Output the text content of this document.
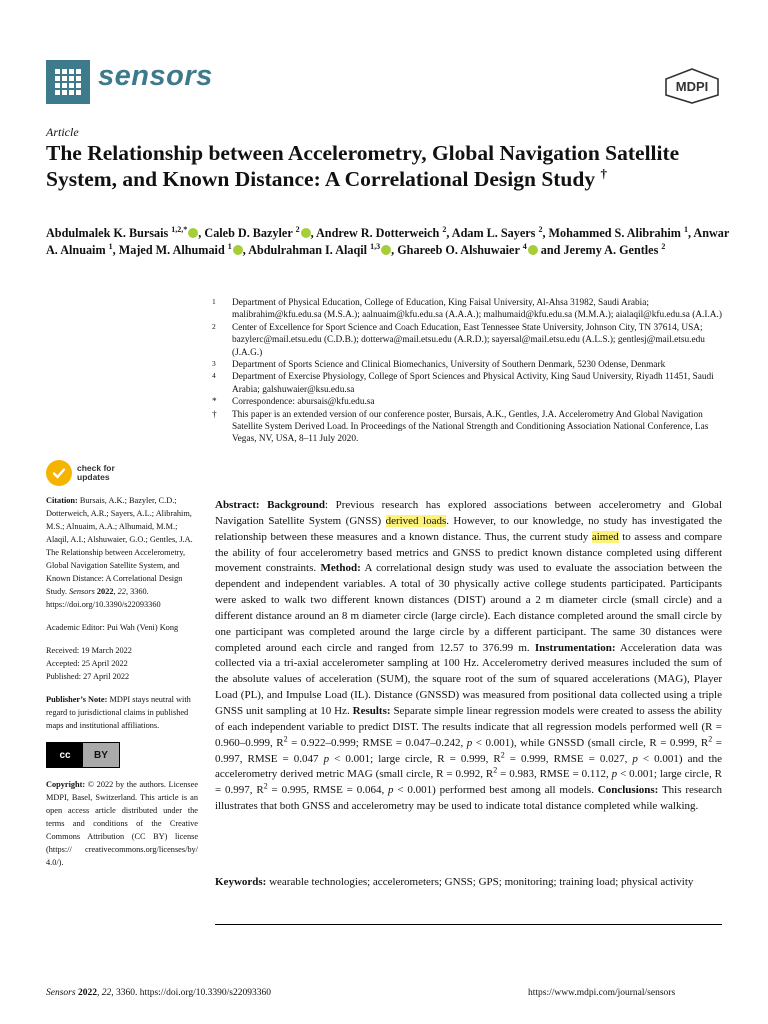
sensors	MDPI
Article
The Relationship between Accelerometry, Global Navigation Satellite System, and Known Distance: A Correlational Design Study †
Abdulmalek K. Bursais $^{1,2,*}$ , Caleb D. Bazyler $^2$ , Andrew R. Dotterweich $^2$, Adam L. Sayers $^2$, Mohammed S. Alibrahim $^1$, Anwar A. Alnuaim $^1$, Majed M. Alhumaid $^1$ , Abdulrahman I. Alaqil $^{1,3}$ , Ghareeb O. Alshuwaier $^4$ and Jeremy A. Gentles $^2$
1 Department of Physical Education, College of Education, King Faisal University, Al-Ahsa 31982, Saudi Arabia; malibrahim@kfu.edu.sa (M.S.A.); aalnuaim@kfu.edu.sa (A.A.A.); malhumaid@kfu.edu.sa (M.M.A.); aialaqil@kfu.edu.sa (A.I.A.)
2 Center of Excellence for Sport Science and Coach Education, East Tennessee State University, Johnson City, TN 37614, USA; bazylerc@mail.etsu.edu (C.D.B.); dotterwa@mail.etsu.edu (A.R.D.); sayersal@mail.etsu.edu (A.L.S.); gentlesj@mail.etsu.edu (J.A.G.)
3 Department of Sports Science and Clinical Biomechanics, University of Southern Denmark, 5230 Odense, Denmark
4 Department of Exercise Physiology, College of Sport Sciences and Physical Activity, King Saud University, Riyadh 11451, Saudi Arabia; galshuwaier@ksu.edu.sa
* Correspondence: abursais@kfu.edu.sa
† This paper is an extended version of our conference poster, Bursais, A.K., Gentles, J.A. Accelerometry And Global Navigation Satellite System Derived Load. In Proceedings of the National Strength and Conditioning Association National Conference, Las Vegas, NV, USA, 8–11 July 2020.
check for
updates
Citation: Bursais, A.K.; Bazyler, C.D.; Dotterweich, A.R.; Sayers, A.L.; Alibrahim, M.S.; Alnuaim, A.A.; Alhumaid, M.M.; Alaqil, A.I.; Alshuwaier, G.O.; Gentles, J.A. The Relationship between Accelerometry, Global Navigation Satellite System, and Known Distance: A Correlational Design Study. Sensors 2022, 22, 3360. https://doi.org/10.3390/s22093360
Academic Editor: Pui Wah (Veni) Kong
Received: 19 March 2022
Accepted: 25 April 2022
Published: 27 April 2022
Publisher’s Note: MDPI stays neutral with regard to jurisdictional claims in published maps and institutional affiliations.
cc	BY
Copyright: © 2022 by the authors. Licensee MDPI, Basel, Switzerland. This article is an open access article distributed under the terms and conditions of the Creative Commons Attribution (CC BY) license (https:// creativecommons.org/licenses/by/ 4.0/).
Abstract: Background: Previous research has explored associations between accelerometry and Global Navigation Satellite System (GNSS) derived loads. However, to our knowledge, no study has investigated the relationship between these measures and a known distance. Thus, the current study aimed to assess and compare the ability of four accelerometry based metrics and GNSS to predict known distance completed using different movement constraints. Method: A correlational design study was used to evaluate the association between the dependent and independent variables. A total of 30 physically active college students participated. Participants were asked to walk two different known distances (DIST) around a 2 m diameter circle (small circle) and a different distance around an 8 m diameter circle (large circle). Each distance completed around the small circle by one participant was completed around the large circle by a different participant. The same 30 distances were completed around each circle and ranged from 12.57 to 376.99 m. Instrumentation: Acceleration data was collected via a tri-axial accelerometer sampling at 100 Hz. Accelerometry derived measures included the sum of the absolute values of acceleration (SUM), the square root of the sum of squared accelerations (MAG), Player Load (PL), and Impulse Load (IL). Distance (GNSSD) was measured from positional data collected using a triple GNSS unit sampling at 10 Hz. Results: Separate simple linear regression models were created to assess the ability of each independent variable to predict DIST. The results indicate that all regression models performed well (R = 0.960–0.999, $R^2 = 0.922-0.999$; RMSE = 0.047–0.242, p < 0.001), while GNSSD (small circle, R = 0.999, $R^2 = 0.997$, RMSE = 0.047 p < 0.001; large circle, R = 0.999, $R^2 = 0.999$, RMSE = 0.027, p < 0.001) and the accelerometry derived metric MAG (small circle, R = 0.992, $R^2 = 0.983$, RMSE = 0.112, p < 0.001; large circle, R = 0.997, $R^2 = 0.995$, RMSE = 0.064, p < 0.001) performed best among all models. Conclusions: This research illustrates that both GNSS and accelerometry may be used to indicate total distance completed while walking.
Keywords: wearable technologies; accelerometers; GNSS; GPS; monitoring; training load; physical activity
Sensors 2022, 22, 3360. https://doi.org/10.3390/s22093360	https://www.mdpi.com/journal/sensors
